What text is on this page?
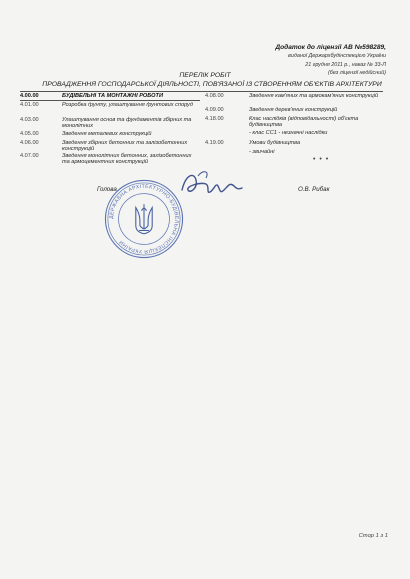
Додаток до ліцензії АВ №598289,
виданої Держархбудінспекцією України
21 грудня 2011 р., наказ № 33-Л
(без ліцензії недійсний)
ПЕРЕЛІК РОБІТ
ПРОВАДЖЕННЯ ГОСПОДАРСЬКОЇ ДІЯЛЬНОСТІ, ПОВ'ЯЗАНОЇ ІЗ СТВОРЕННЯМ ОБ'ЄКТІВ АРХІТЕКТУРИ
4.00.00	БУДІВЕЛЬНІ ТА МОНТАЖНІ РОБОТИ
4.01.00	Розробка ґрунту, улаштування ґрунтових споруд
4.03.00	Улаштування основ та фундаментів збірних та монолітних
4.05.00	Зведення металевих конструкцій
4.06.00	Зведення збірних бетонних та залізобетонних конструкцій
4.07.00	Зведення монолітних бетонних, залізобетонних та армоцементних конструкцій
4.08.00	Зведення кам'яних та армокам'яних конструкцій
4.09.00	Зведення дерев'яних конструкцій
4.18.00	Клас наслідків (відповідальності) об'єкта будівництва
- клас СС1 - незначні наслідки
4.19.00	Умови будівництва
- звичайні
• • •
Голова	О.В. Рибак
ДЕРЖАВНА АРХІТЕКТУРНО-БУДІВЕЛЬНА ІНСПЕКЦІЯ УКРАЇНИ
Стор 1 з 1
